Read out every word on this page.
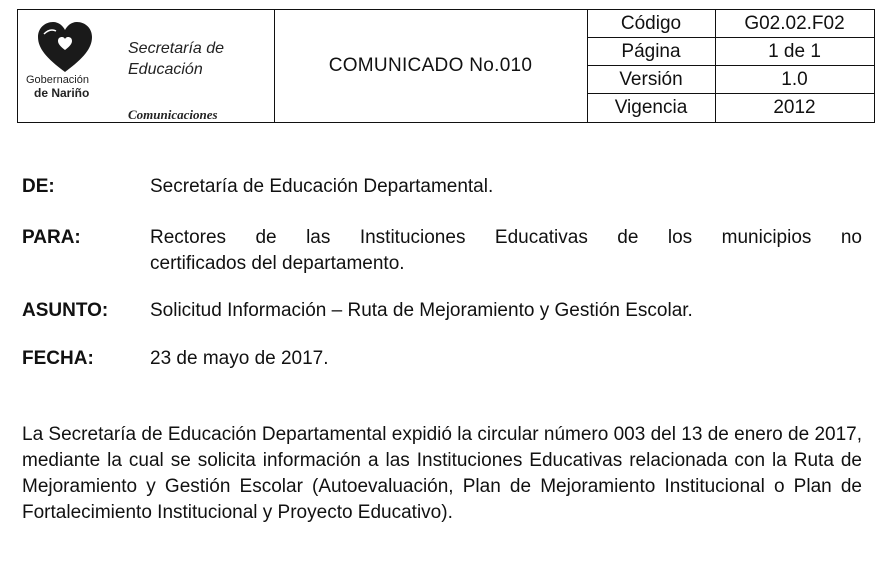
Gobernación
de Nariño
Secretaría de
Educación
Comunicaciones
COMUNICADO No.010
Código	G02.02.F02
Página	1 de 1
Versión	1.0
Vigencia	2012
DE:	Secretaría de Educación Departamental.
PARA:	Rectores de las Instituciones Educativas de los municipios no
certificados del departamento.
ASUNTO: Solicitud Información – Ruta de Mejoramiento y Gestión Escolar.
FECHA:	23 de mayo de 2017.
La Secretaría de Educación Departamental expidió la circular número 003 del 13 de enero de 2017, mediante la cual se solicita información a las Instituciones Educativas relacionada con la Ruta de Mejoramiento y Gestión Escolar (Autoevaluación, Plan de Mejoramiento Institucional o Plan de Fortalecimiento Institucional y Proyecto Educativo).
